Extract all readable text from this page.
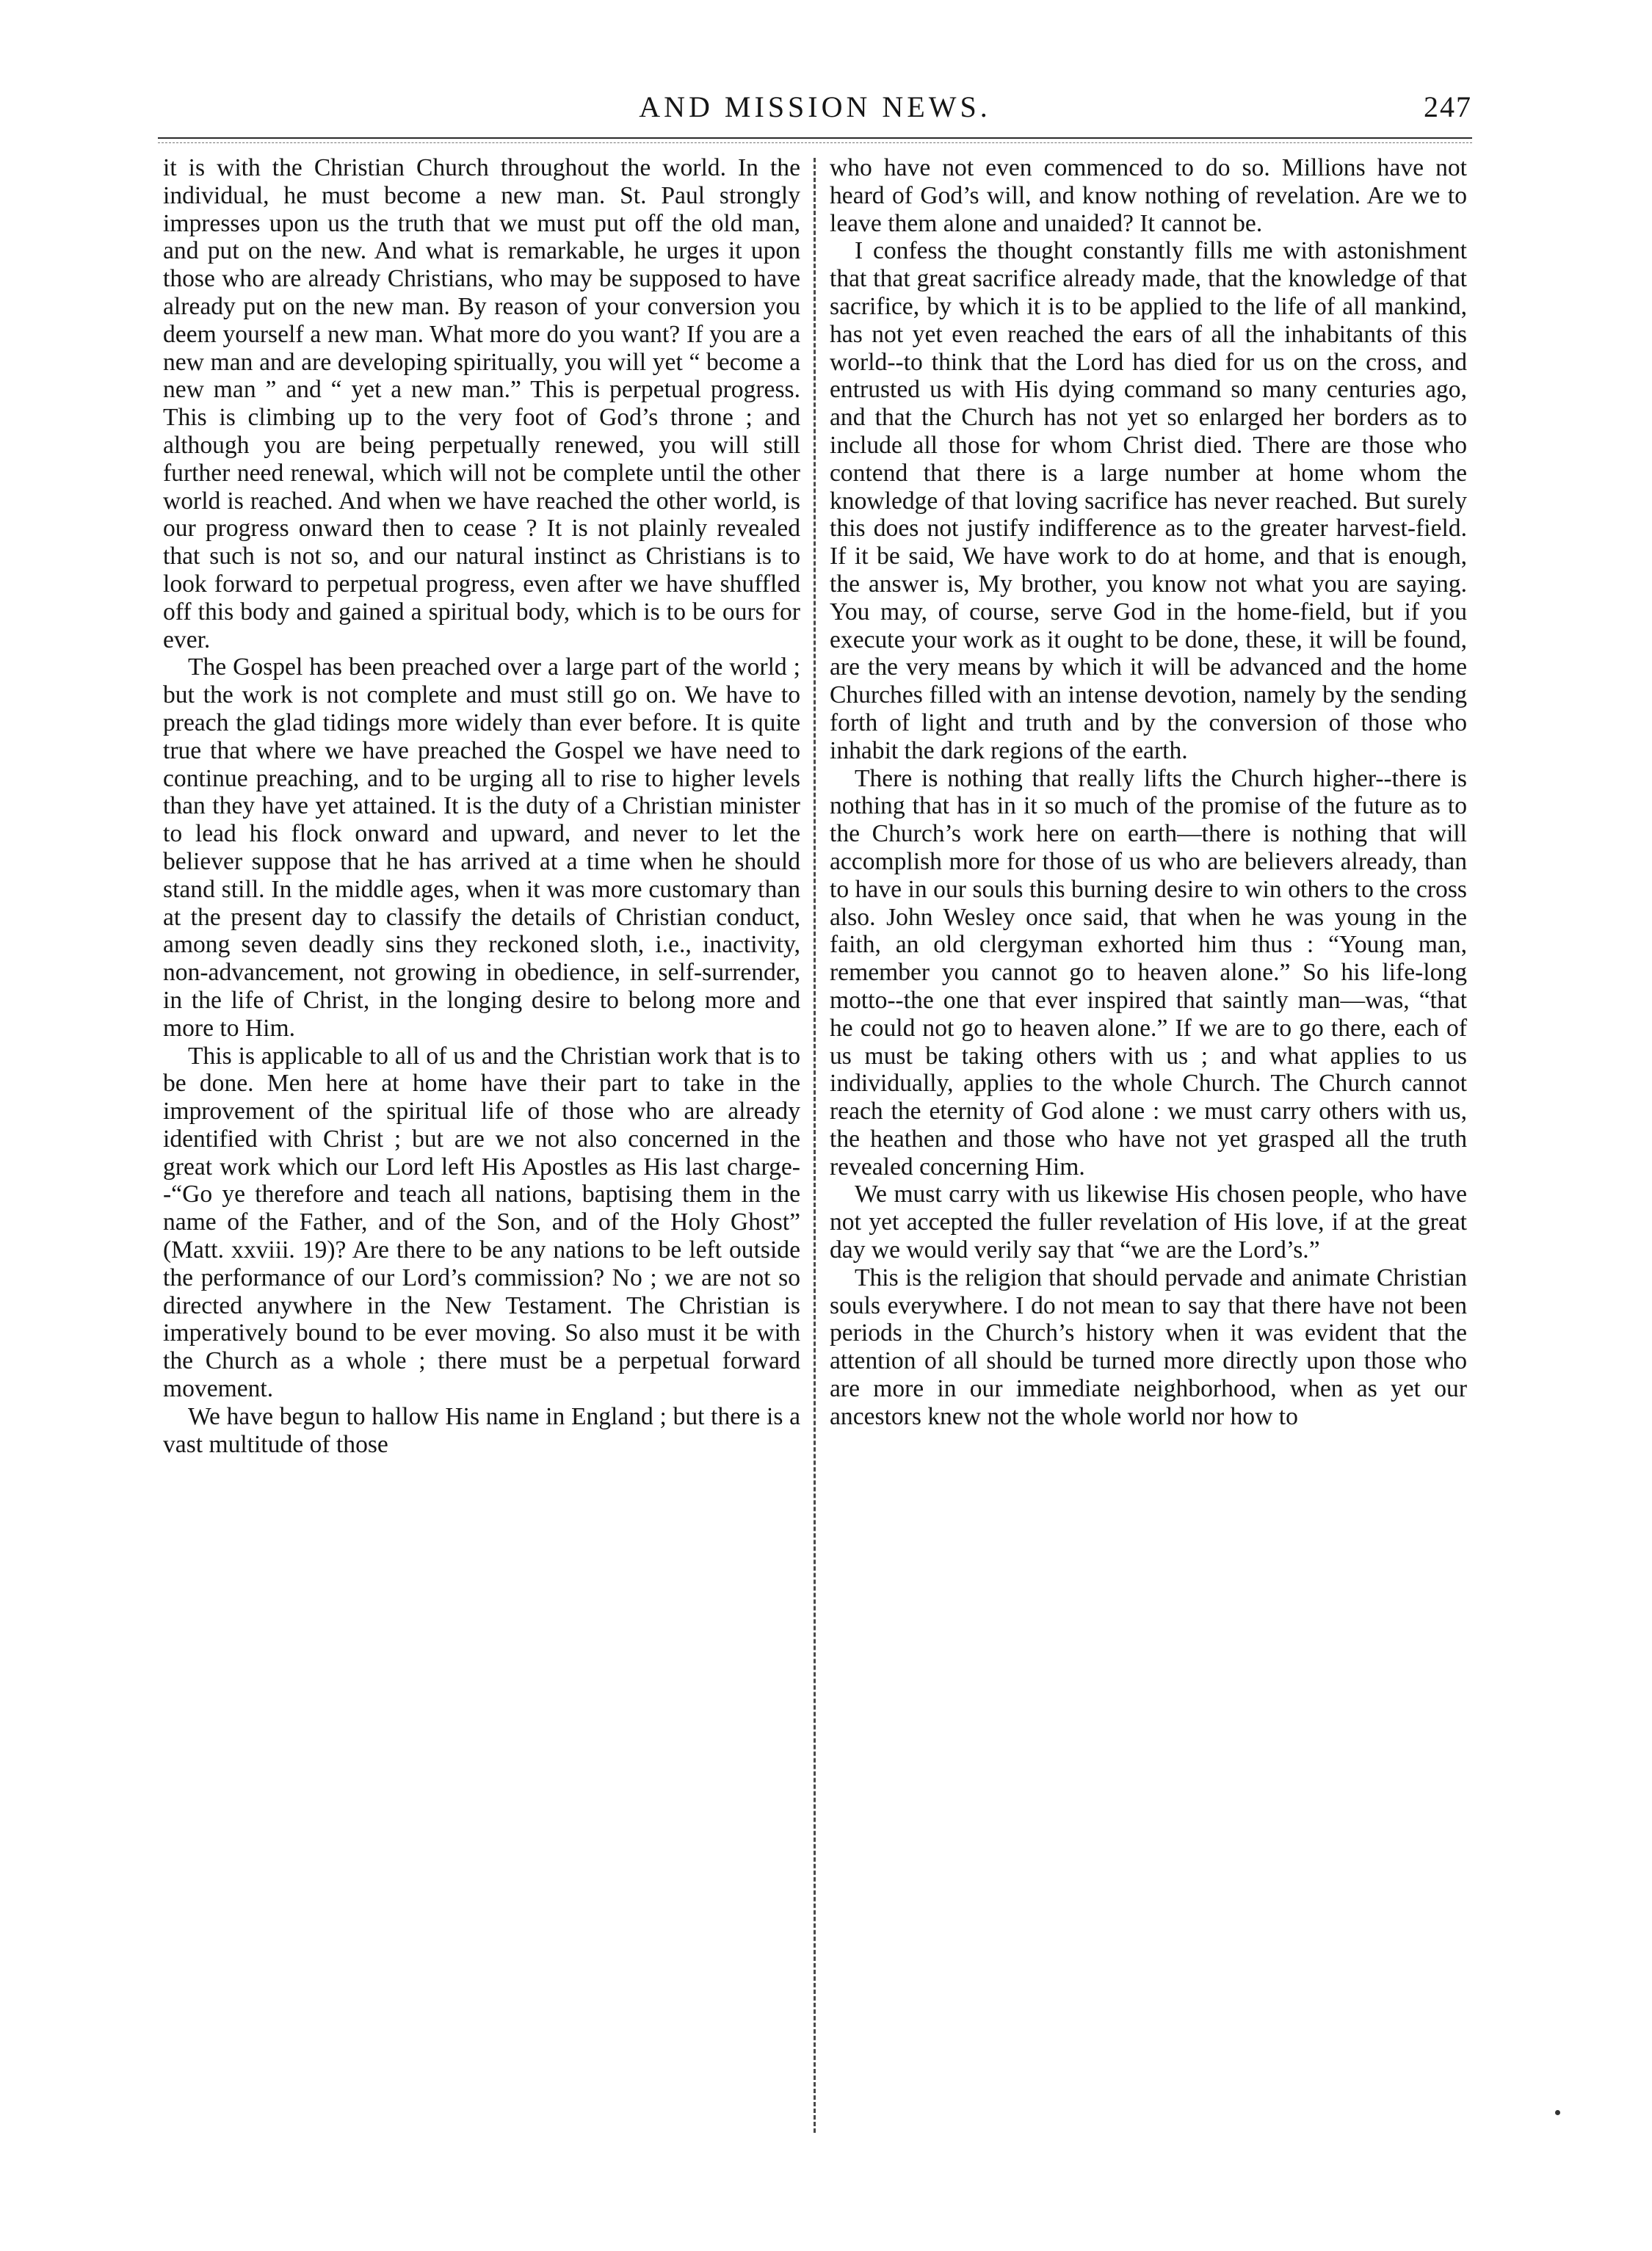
AND MISSION NEWS.	247

it is with the Christian Church throughout the world. In the individual, he must become a new man. St. Paul strongly impresses upon us the truth that we must put off the old man, and put on the new. And what is remarkable, he urges it upon those who are already Christians, who may be supposed to have already put on the new man. By reason of your conversion you deem yourself a new man. What more do you want? If you are a new man and are developing spiritually, you will yet “ become a new man ” and “ yet a new man.” This is perpetual progress. This is climbing up to the very foot of God’s throne ; and although you are being perpetually renewed, you will still further need renewal, which will not be complete until the other world is reached. And when we have reached the other world, is our progress onward then to cease ? It is not plainly revealed that such is not so, and our natural instinct as Christians is to look forward to perpetual progress, even after we have shuffled off this body and gained a spiritual body, which is to be ours for ever.

The Gospel has been preached over a large part of the world ; but the work is not complete and must still go on. We have to preach the glad tidings more widely than ever before. It is quite true that where we have preached the Gospel we have need to continue preaching, and to be urging all to rise to higher levels than they have yet attained. It is the duty of a Christian minister to lead his flock onward and upward, and never to let the believer suppose that he has arrived at a time when he should stand still. In the middle ages, when it was more customary than at the present day to classify the details of Christian conduct, among seven deadly sins they reckoned sloth, i.e., inactivity, non-advancement, not growing in obedience, in self-surrender, in the life of Christ, in the longing desire to belong more and more to Him.

This is applicable to all of us and the Christian work that is to be done. Men here at home have their part to take in the improvement of the spiritual life of those who are already identified with Christ ; but are we not also concerned in the great work which our Lord left His Apostles as His last charge--“Go ye therefore and teach all nations, baptising them in the name of the Father, and of the Son, and of the Holy Ghost” (Matt. xxviii. 19)? Are there to be any nations to be left outside the performance of our Lord’s commission? No ; we are not so directed anywhere in the New Testament. The Christian is imperatively bound to be ever moving. So also must it be with the Church as a whole ; there must be a perpetual forward movement.

We have begun to hallow His name in England ; but there is a vast multitude of those

who have not even commenced to do so. Millions have not heard of God’s will, and know nothing of revelation. Are we to leave them alone and unaided? It cannot be.

I confess the thought constantly fills me with astonishment that that great sacrifice already made, that the knowledge of that sacrifice, by which it is to be applied to the life of all mankind, has not yet even reached the ears of all the inhabitants of this world--to think that the Lord has died for us on the cross, and entrusted us with His dying command so many centuries ago, and that the Church has not yet so enlarged her borders as to include all those for whom Christ died. There are those who contend that there is a large number at home whom the knowledge of that loving sacrifice has never reached. But surely this does not justify indifference as to the greater harvest-field. If it be said, We have work to do at home, and that is enough, the answer is, My brother, you know not what you are saying. You may, of course, serve God in the home-field, but if you execute your work as it ought to be done, these, it will be found, are the very means by which it will be advanced and the home Churches filled with an intense devotion, namely by the sending forth of light and truth and by the conversion of those who inhabit the dark regions of the earth.

There is nothing that really lifts the Church higher--there is nothing that has in it so much of the promise of the future as to the Church’s work here on earth—there is nothing that will accomplish more for those of us who are believers already, than to have in our souls this burning desire to win others to the cross also. John Wesley once said, that when he was young in the faith, an old clergyman exhorted him thus : “Young man, remember you cannot go to heaven alone.” So his life-long motto--the one that ever inspired that saintly man—was, “that he could not go to heaven alone.” If we are to go there, each of us must be taking others with us ; and what applies to us individually, applies to the whole Church. The Church cannot reach the eternity of God alone : we must carry others with us, the heathen and those who have not yet grasped all the truth revealed concerning Him.

We must carry with us likewise His chosen people, who have not yet accepted the fuller revelation of His love, if at the great day we would verily say that “we are the Lord’s.”

This is the religion that should pervade and animate Christian souls everywhere. I do not mean to say that there have not been periods in the Church’s history when it was evident that the attention of all should be turned more directly upon those who are more in our immediate neighborhood, when as yet our ancestors knew not the whole world nor how to
